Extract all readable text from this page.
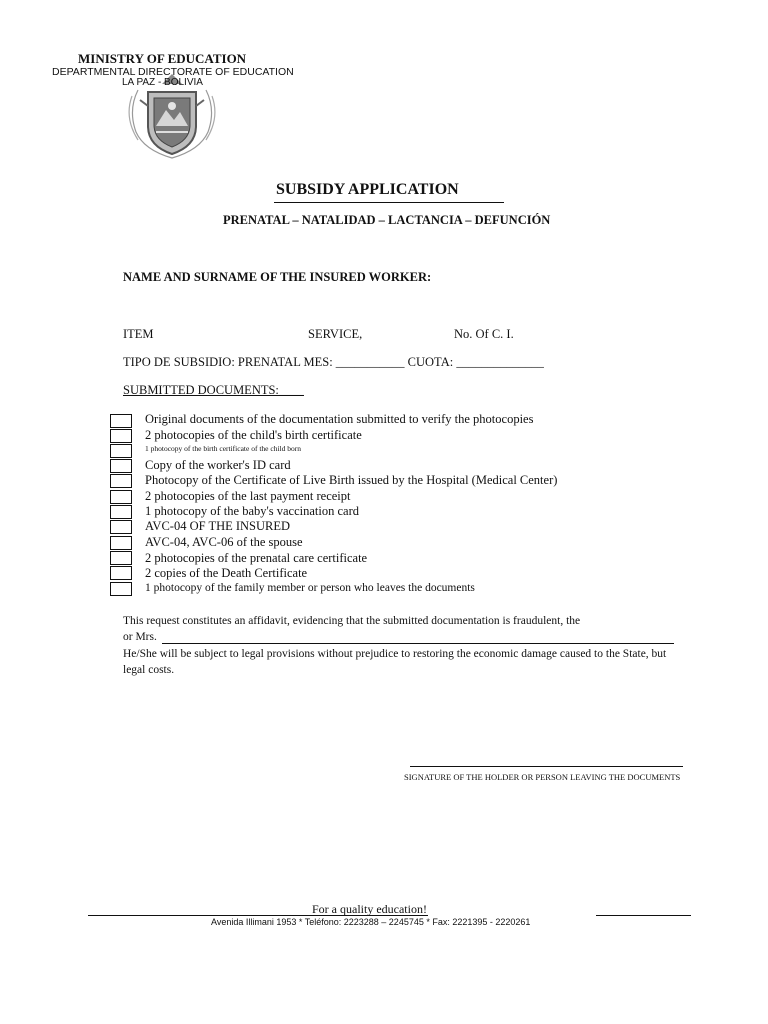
MINISTRY OF EDUCATION
DEPARTMENTAL DIRECTORATE OF EDUCATION
LA PAZ - BOLIVIA
SUBSIDY APPLICATION
PRENATAL – NATALIDAD – LACTANCIA – DEFUNCIÓN
NAME AND SURNAME OF THE INSURED WORKER:
ITEM	SERVICE,	No. Of C. I.
TIPO DE SUBSIDIO: PRENATAL MES: ___________ CUOTA: ______________
SUBMITTED DOCUMENTS:____
Original documents of the documentation submitted to verify the photocopies
2 photocopies of the child's birth certificate
1 photocopy of the birth certificate of the child born
Copy of the worker's ID card
Photocopy of the Certificate of Live Birth issued by the Hospital (Medical Center)
2 photocopies of the last payment receipt
1 photocopy of the baby's vaccination card
AVC-04 OF THE INSURED
AVC-04, AVC-06 of the spouse
2 photocopies of the prenatal care certificate
2 copies of the Death Certificate
1 photocopy of the family member or person who leaves the documents
This request constitutes an affidavit, evidencing that the submitted documentation is fraudulent, the
or Mrs.
He/She will be subject to legal provisions without prejudice to restoring the economic damage caused to the State, but
legal costs.
SIGNATURE OF THE HOLDER OR PERSON LEAVING THE DOCUMENTS
For a quality education!
Avenida Illimani 1953 * Teléfono: 2223288 – 2245745 * Fax: 2221395 - 2220261
